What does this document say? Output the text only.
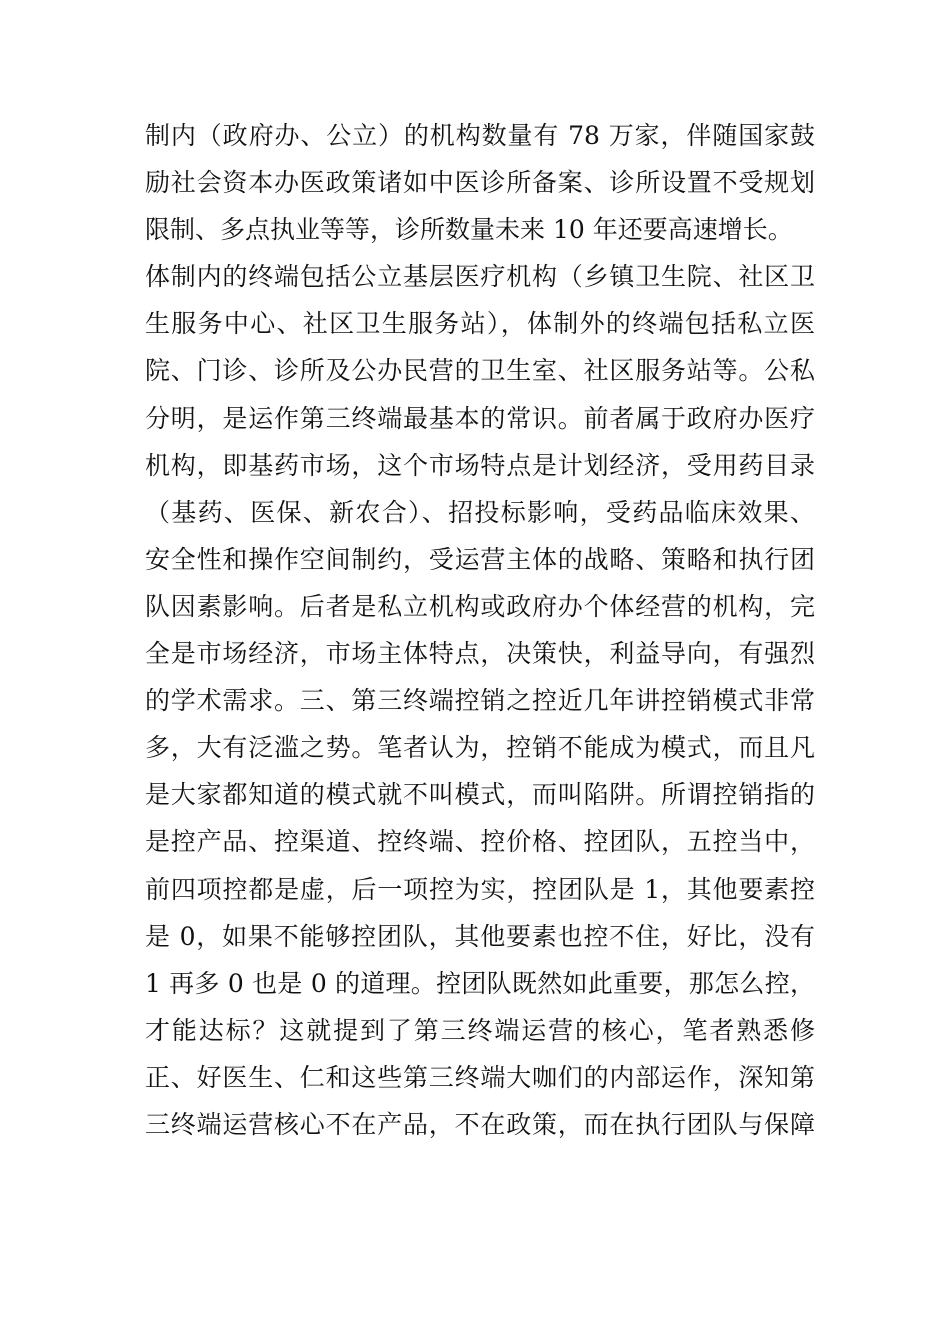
制内（政府办、公立）的机构数量有 78 万家，伴随国家鼓
励社会资本办医政策诸如中医诊所备案、诊所设置不受规划
限制、多点执业等等，诊所数量未来 10 年还要高速增长。
体制内的终端包括公立基层医疗机构（乡镇卫生院、社区卫
生服务中心、社区卫生服务站），体制外的终端包括私立医
院、门诊、诊所及公办民营的卫生室、社区服务站等。公私
分明，是运作第三终端最基本的常识。前者属于政府办医疗
机构，即基药市场，这个市场特点是计划经济，受用药目录
（基药、医保、新农合）、招投标影响，受药品临床效果、
安全性和操作空间制约，受运营主体的战略、策略和执行团
队因素影响。后者是私立机构或政府办个体经营的机构，完
全是市场经济，市场主体特点，决策快，利益导向，有强烈
的学术需求。三、第三终端控销之控近几年讲控销模式非常
多，大有泛滥之势。笔者认为，控销不能成为模式，而且凡
是大家都知道的模式就不叫模式，而叫陷阱。所谓控销指的
是控产品、控渠道、控终端、控价格、控团队，五控当中，
前四项控都是虚，后一项控为实，控团队是 1，其他要素控
是 0，如果不能够控团队，其他要素也控不住，好比，没有
1 再多 0 也是 0 的道理。控团队既然如此重要，那怎么控，
才能达标？这就提到了第三终端运营的核心，笔者熟悉修
正、好医生、仁和这些第三终端大咖们的内部运作，深知第
三终端运营核心不在产品，不在政策，而在执行团队与保障
